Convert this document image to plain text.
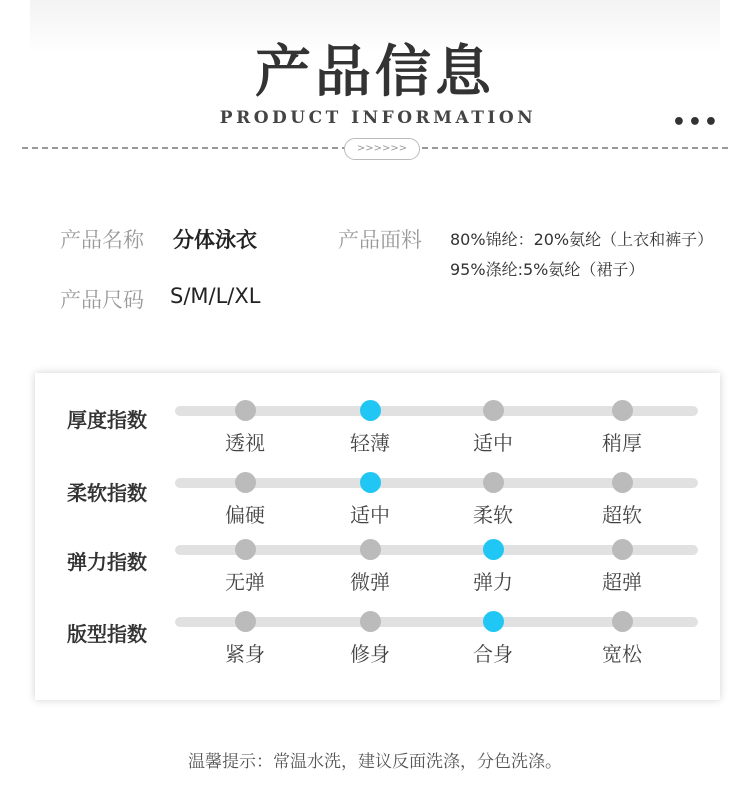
产品信息
PRODUCT INFORMATION	•••
>>>>>>
产品名称 分体泳衣	产品面料 80%锦纶：20%氨纶（上衣和裤子）95%涤纶:5%氨纶（裙子）
产品尺码 S/M/L/XL
厚度指数
透视	轻薄	适中	稍厚
柔软指数
偏硬	适中	柔软	超软
弹力指数
无弹	微弹	弹力	超弹
版型指数
紧身	修身	合身	宽松
温馨提示：常温水洗，建议反面洗涤，分色洗涤。
